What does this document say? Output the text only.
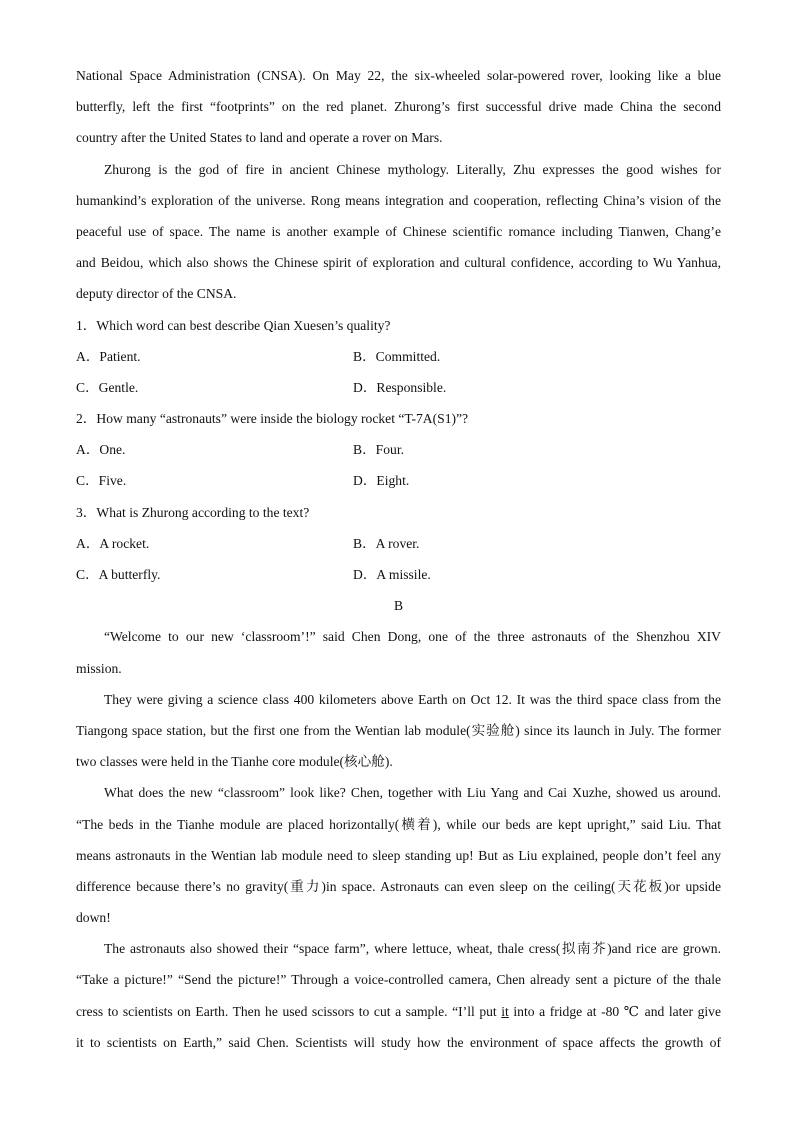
National Space Administration (CNSA). On May 22, the six-wheeled solar-powered rover, looking like a blue
butterfly, left the first “footprints” on the red planet. Zhurong’s first successful drive made China the second
country after the United States to land and operate a rover on Mars.
Zhurong is the god of fire in ancient Chinese mythology. Literally, Zhu expresses the good wishes for
humankind’s exploration of the universe. Rong means integration and cooperation, reflecting China’s vision of the
peaceful use of space. The name is another example of Chinese scientific romance including Tianwen, Chang’e
and Beidou, which also shows the Chinese spirit of exploration and cultural confidence, according to Wu Yanhua,
deputy director of the CNSA.
1．Which word can best describe Qian Xuesen’s quality?
A．Patient.	B．Committed.
C．Gentle.	D．Responsible.
2．How many “astronauts” were inside the biology rocket “T-7A(S1)”?
A．One.	B．Four.
C．Five.	D．Eight.
3．What is Zhurong according to the text?
A．A rocket.	B．A rover.
C．A butterfly.	D．A missile.
B
“Welcome to our new ‘classroom’!” said Chen Dong, one of the three astronauts of the Shenzhou XIV
mission.
They were giving a science class 400 kilometers above Earth on Oct 12. It was the third space class from the
Tiangong space station, but the first one from the Wentian lab module(实验舱) since its launch in July. The former
two classes were held in the Tianhe core module(核心舱).
What does the new “classroom” look like? Chen, together with Liu Yang and Cai Xuzhe, showed us around.
“The beds in the Tianhe module are placed horizontally(横着), while our beds are kept upright,” said Liu. That
means astronauts in the Wentian lab module need to sleep standing up! But as Liu explained, people don’t feel any
difference because there’s no gravity(重力)in space. Astronauts can even sleep on the ceiling(天花板)or upside
down!
The astronauts also showed their “space farm”, where lettuce, wheat, thale cress(拟南芥)and rice are grown.
“Take a picture!” “Send the picture!” Through a voice-controlled camera, Chen already sent a picture of the thale
cress to scientists on Earth. Then he used scissors to cut a sample. “I’ll put it into a fridge at -80 ℃ and later give
it to scientists on Earth,” said Chen. Scientists will study how the environment of space affects the growth of
